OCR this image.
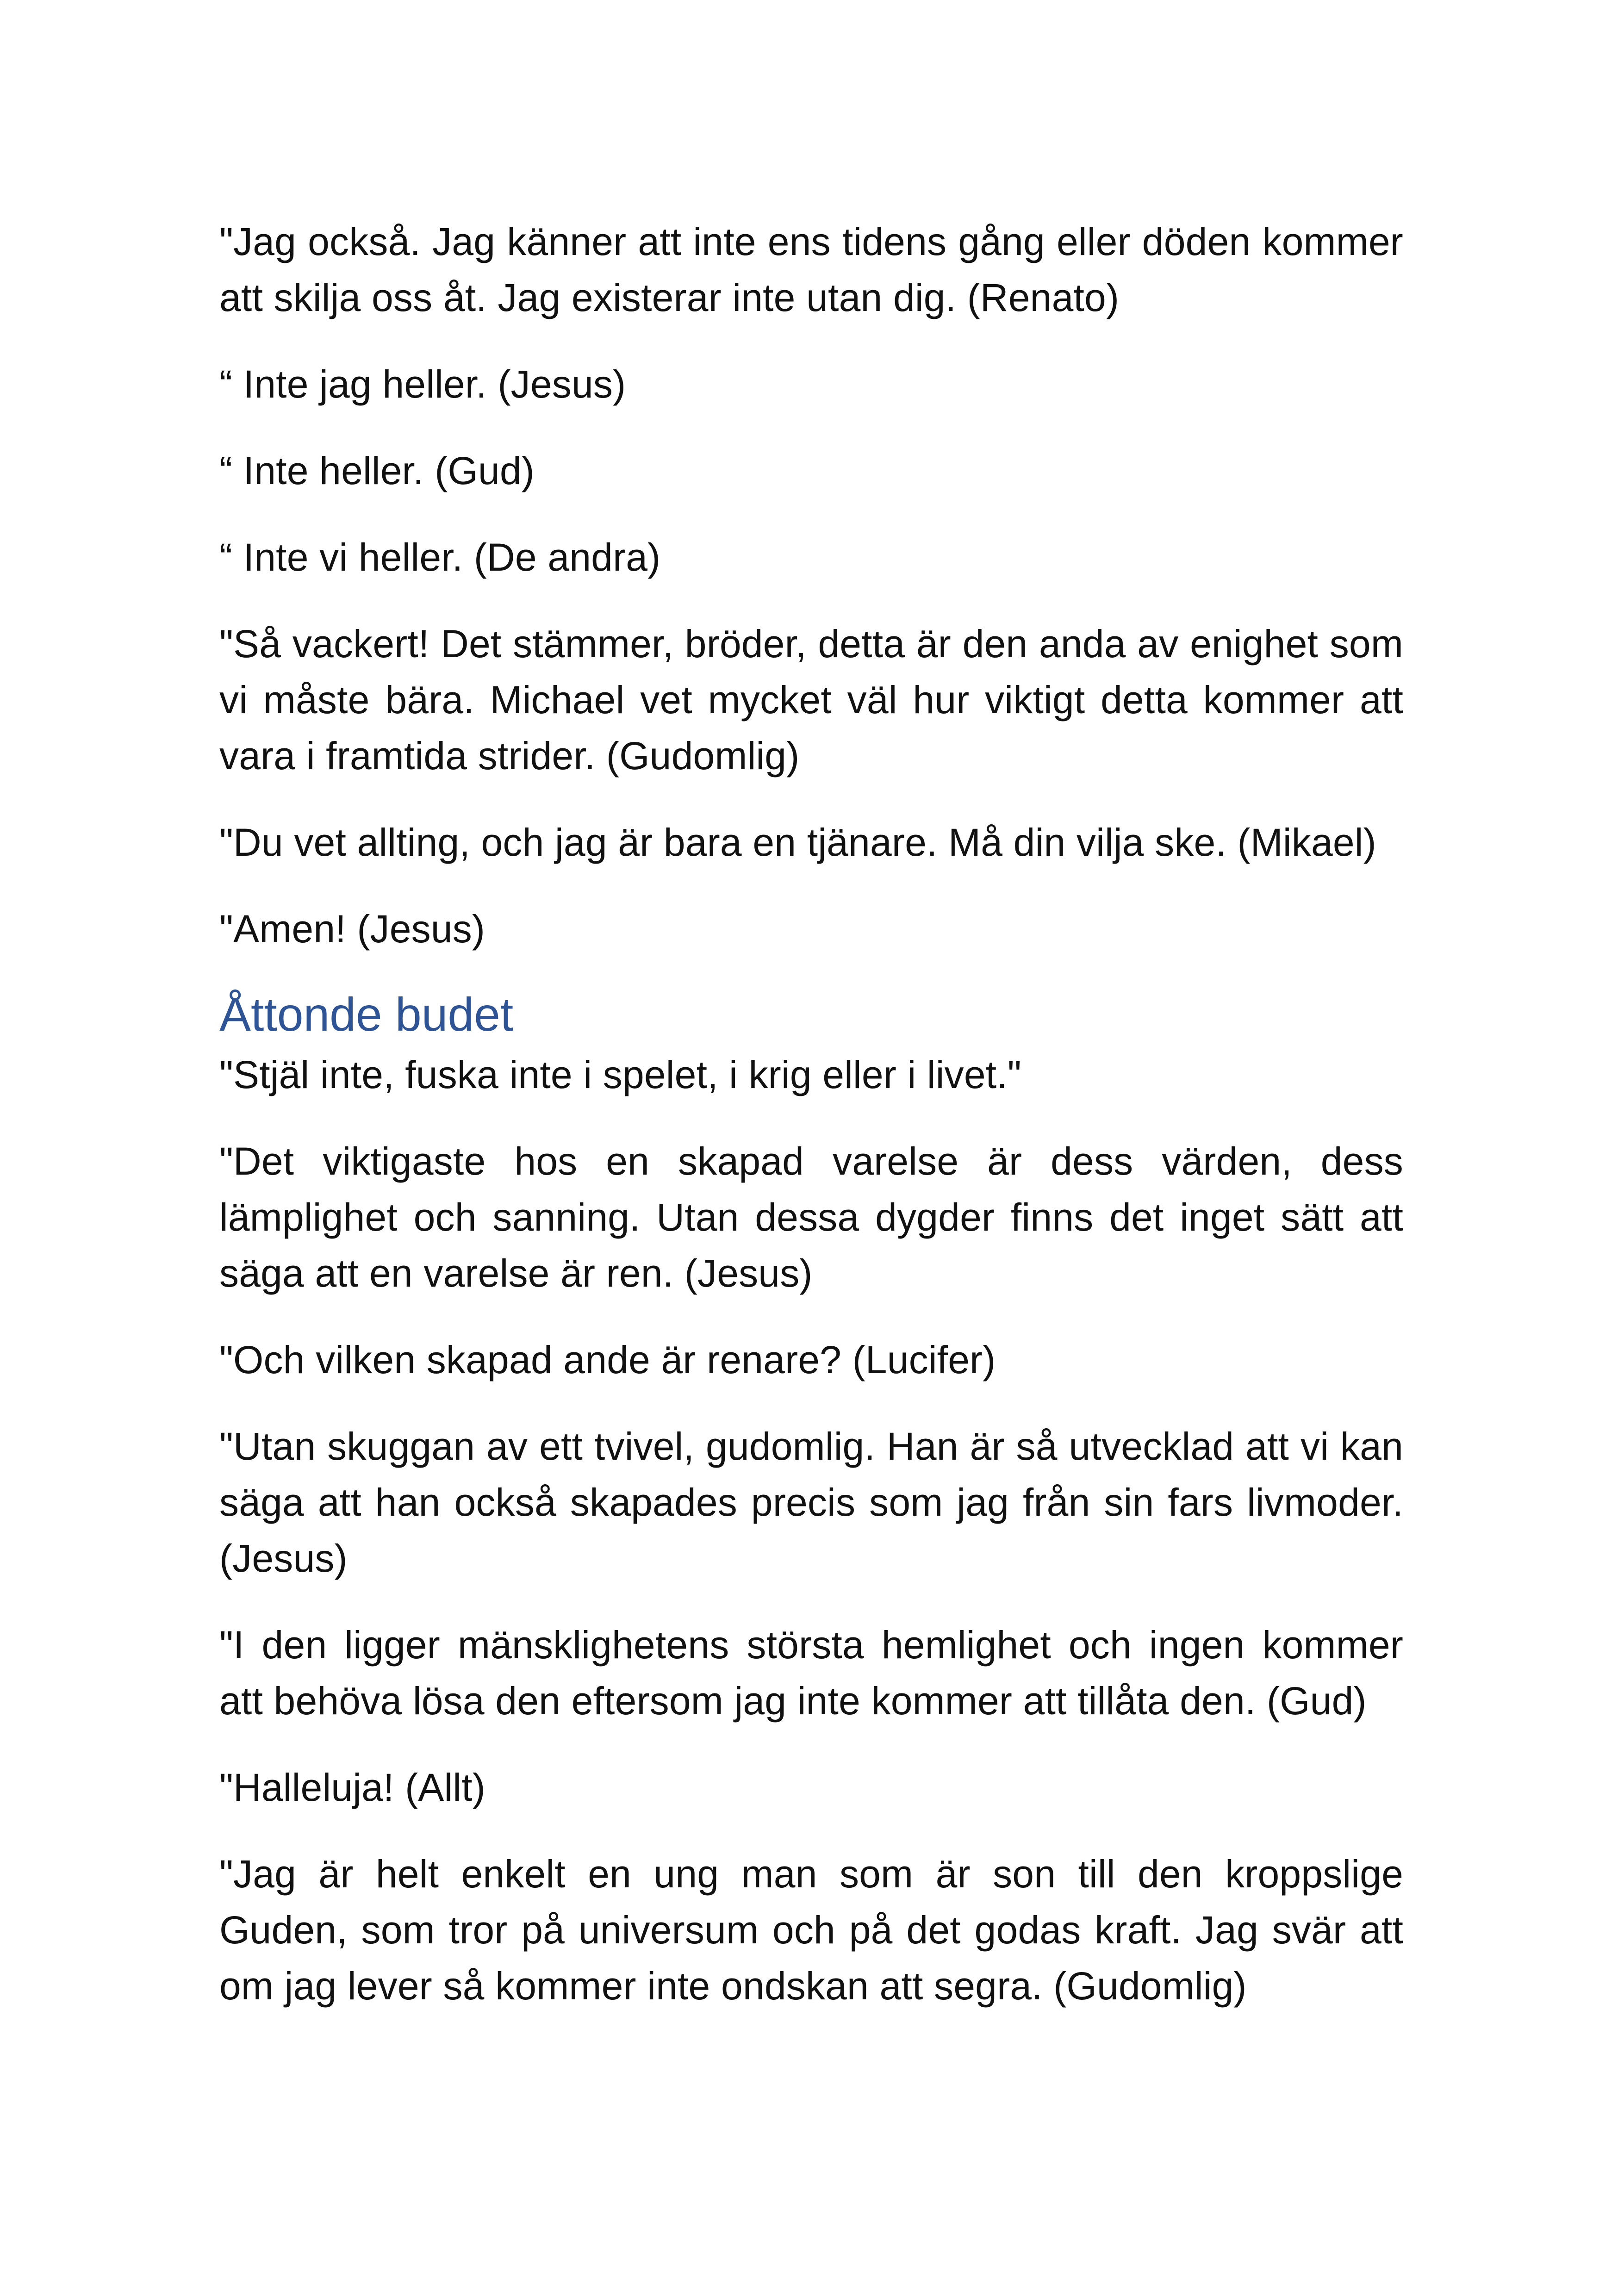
"Jag också. Jag känner att inte ens tidens gång eller döden kommer att skilja oss åt. Jag existerar inte utan dig. (Renato)

“ Inte jag heller. (Jesus)

“ Inte heller. (Gud)

“ Inte vi heller. (De andra)

"Så vackert! Det stämmer, bröder, detta är den anda av enighet som vi måste bära. Michael vet mycket väl hur viktigt detta kommer att vara i framtida strider. (Gudomlig)

"Du vet allting, och jag är bara en tjänare. Må din vilja ske. (Mikael)

"Amen! (Jesus)

Åttonde budet

"Stjäl inte, fuska inte i spelet, i krig eller i livet."

"Det viktigaste hos en skapad varelse är dess värden, dess lämplighet och sanning. Utan dessa dygder finns det inget sätt att säga att en varelse är ren. (Jesus)

"Och vilken skapad ande är renare? (Lucifer)

"Utan skuggan av ett tvivel, gudomlig. Han är så utvecklad att vi kan säga att han också skapades precis som jag från sin fars livmoder. (Jesus)

"I den ligger mänsklighetens största hemlighet och ingen kommer att behöva lösa den eftersom jag inte kommer att tillåta den. (Gud)

"Halleluja! (Allt)

"Jag är helt enkelt en ung man som är son till den kroppslige Guden, som tror på universum och på det godas kraft. Jag svär att om jag lever så kommer inte ondskan att segra. (Gudomlig)
